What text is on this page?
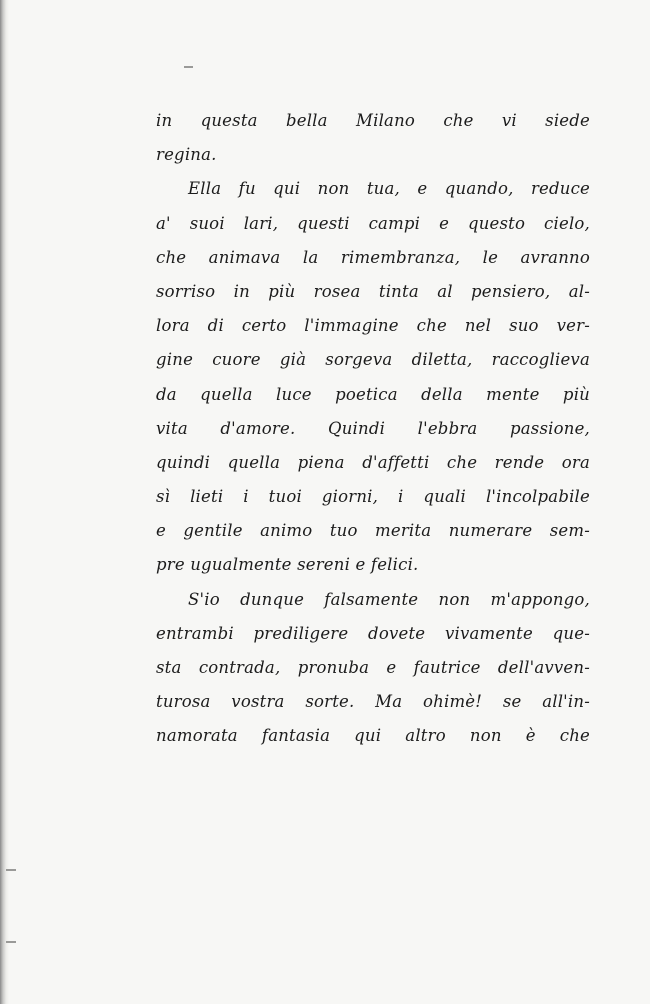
in questa bella Milano che vi siede
regina.
Ella fu qui non tua, e quando, reduce
a' suoi lari, questi campi e questo cielo,
che animava la rimembranza, le avranno
sorriso in più rosea tinta al pensiero, al-
lora di certo l'immagine che nel suo ver-
gine cuore già sorgeva diletta, raccoglieva
da quella luce poetica della mente più
vita d'amore. Quindi l'ebbra passione,
quindi quella piena d'affetti che rende ora
sì lieti i tuoi giorni, i quali l'incolpabile
e gentile animo tuo merita numerare sem-
pre ugualmente sereni e felici.
S'io dunque falsamente non m'appongo,
entrambi prediligere dovete vivamente que-
sta contrada, pronuba e fautrice dell'avven-
turosa vostra sorte. Ma ohimè! se all'in-
namorata fantasia qui altro non è che
